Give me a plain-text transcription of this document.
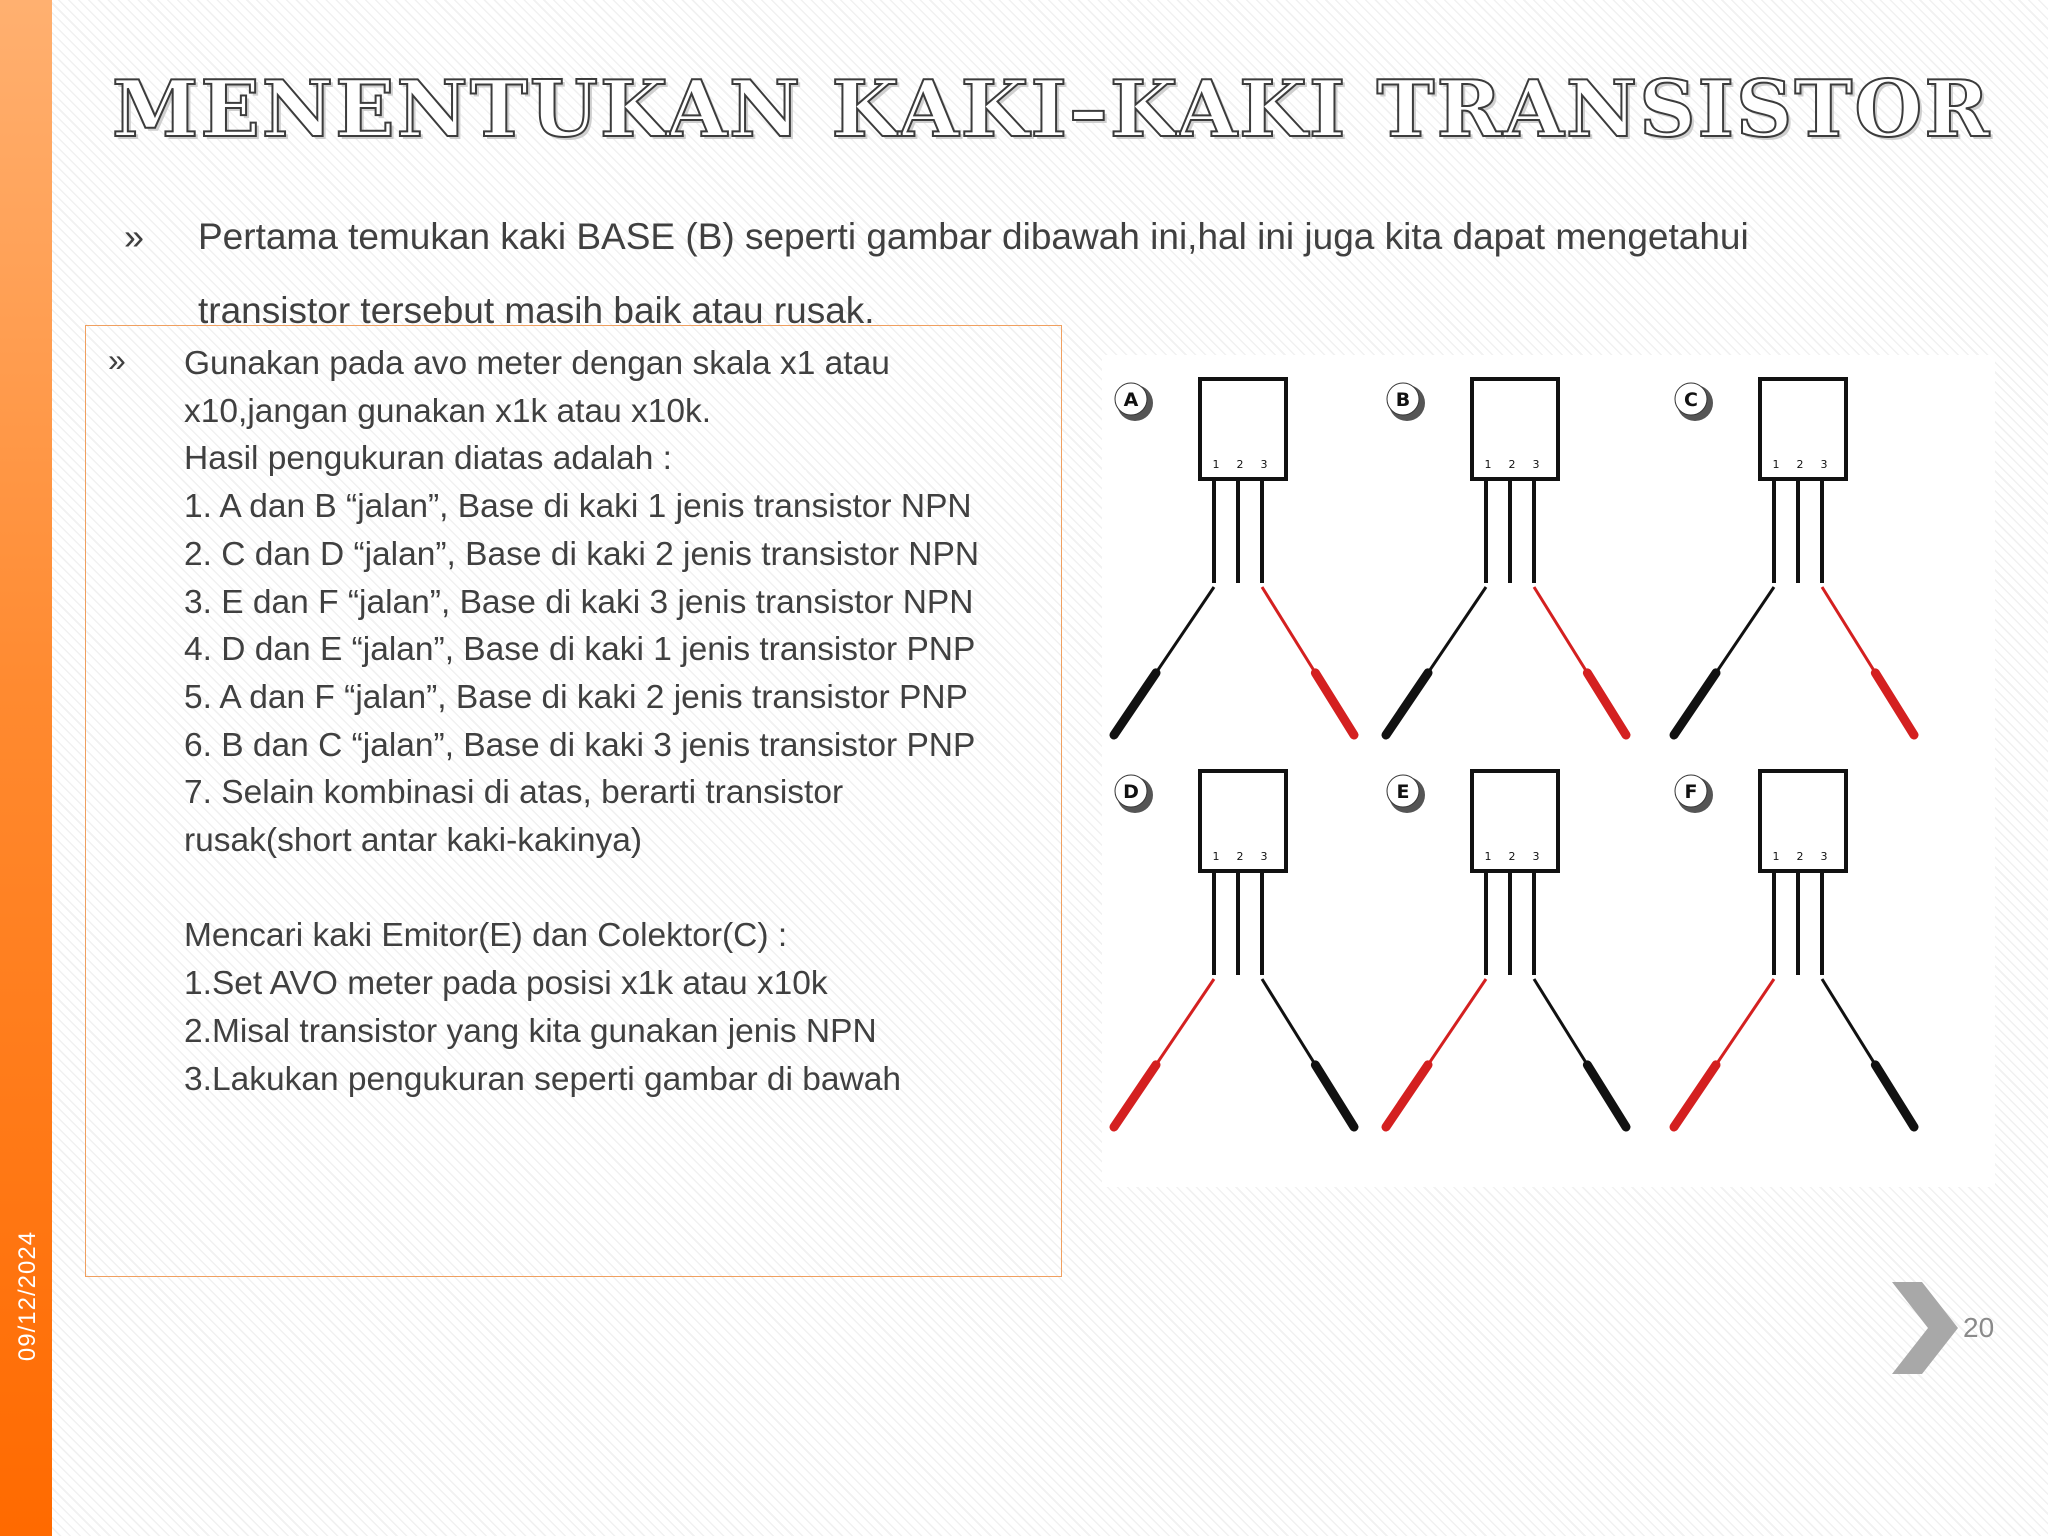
09/12/2024
MENENTUKAN KAKI–KAKI TRANSISTOR
» Pertama temukan kaki BASE (B) seperti gambar dibawah ini,hal ini juga kita dapat mengetahui transistor tersebut masih baik atau rusak.
» Gunakan pada avo meter dengan skala x1 atau
x10,jangan gunakan x1k atau x10k.
Hasil pengukuran diatas adalah :
1. A dan B “jalan”, Base di kaki 1 jenis transistor NPN
2. C dan D “jalan”, Base di kaki 2 jenis transistor NPN
3. E dan F “jalan”, Base di kaki 3 jenis transistor NPN
4. D dan E “jalan”, Base di kaki 1 jenis transistor PNP
5. A dan F “jalan”, Base di kaki 2 jenis transistor PNP
6. B dan C “jalan”, Base di kaki 3 jenis transistor PNP
7. Selain kombinasi di atas, berarti transistor
rusak(short antar kaki-kakinya)
Mencari kaki Emitor(E) dan Colektor(C) :
1.Set AVO meter pada posisi x1k atau x10k
2.Misal transistor yang kita gunakan jenis NPN
3.Lakukan pengukuran seperti gambar di bawah
A
1 2 3
B
1 2 3
C
1 2 3
D
1 2 3
E
1 2 3
F
1 2 3
20
